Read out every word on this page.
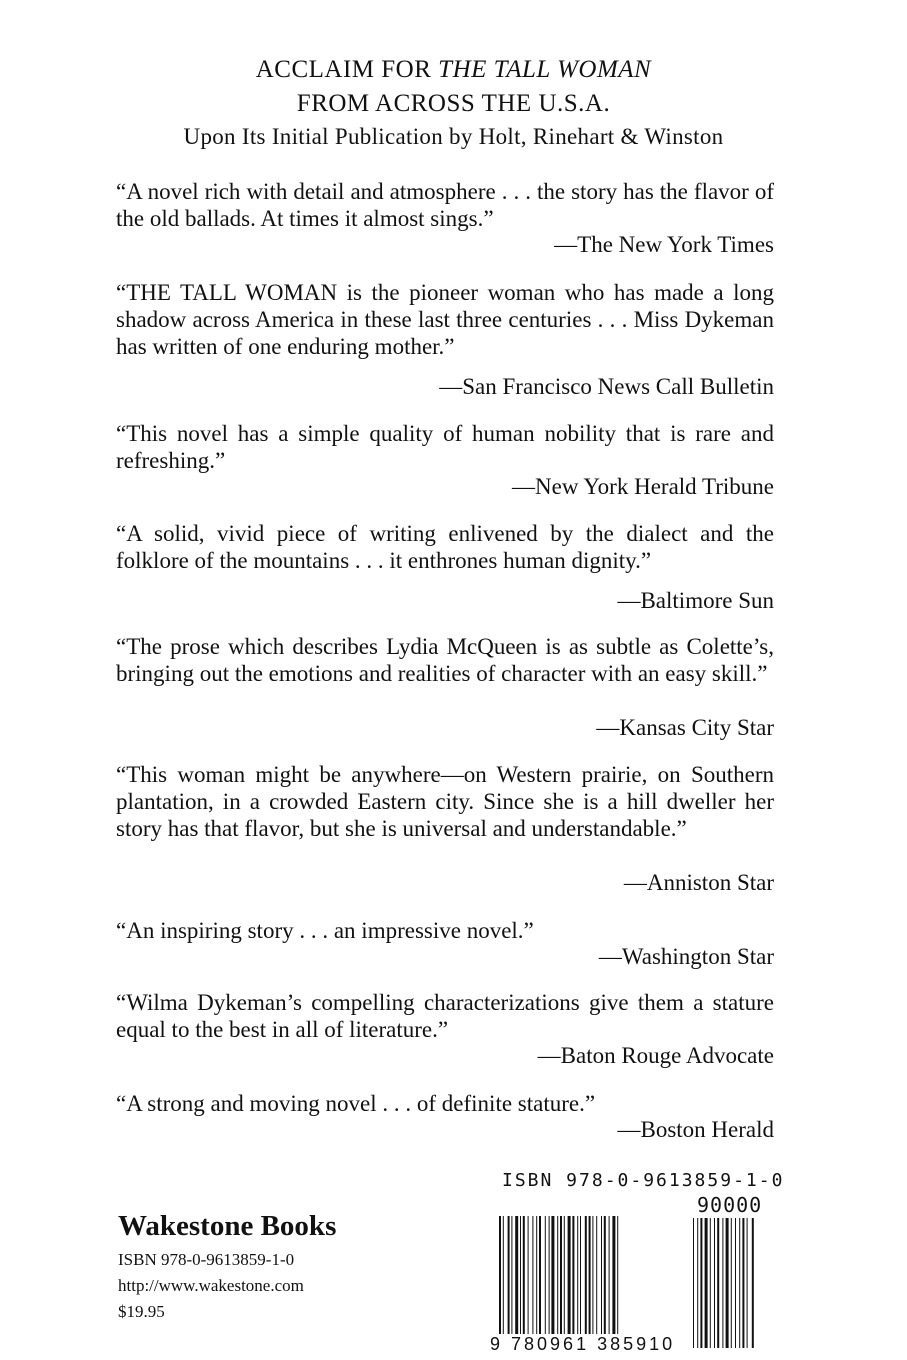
ACCLAIM FOR THE TALL WOMAN
FROM ACROSS THE U.S.A.
Upon Its Initial Publication by Holt, Rinehart & Winston

“A novel rich with detail and atmosphere . . . the story has the flavor of the old ballads. At times it almost sings.”

—The New York Times

“THE TALL WOMAN is the pioneer woman who has made a long shadow across America in these last three centuries . . . Miss Dykeman has written of one enduring mother.”

—San Francisco News Call Bulletin

“This novel has a simple quality of human nobility that is rare and refreshing.”

—New York Herald Tribune

“A solid, vivid piece of writing enlivened by the dialect and the folklore of the mountains . . . it enthrones human dignity.”

—Baltimore Sun

“The prose which describes Lydia McQueen is as subtle as Colette’s, bringing out the emotions and realities of character with an easy skill.”

—Kansas City Star

“This woman might be anywhere—on Western prairie, on Southern plantation, in a crowded Eastern city. Since she is a hill dweller her story has that flavor, but she is universal and understandable.”

—Anniston Star

“An inspiring story . . . an impressive novel.”

—Washington Star

“Wilma Dykeman’s compelling characterizations give them a stature equal to the best in all of literature.”

—Baton Rouge Advocate

“A strong and moving novel . . . of definite stature.”

—Boston Herald
Wakestone Books
ISBN 978-0-9613859-1-0
http://www.wakestone.com
$19.95
ISBN 978-0-9613859-1-0
90000
9 780961 385910
